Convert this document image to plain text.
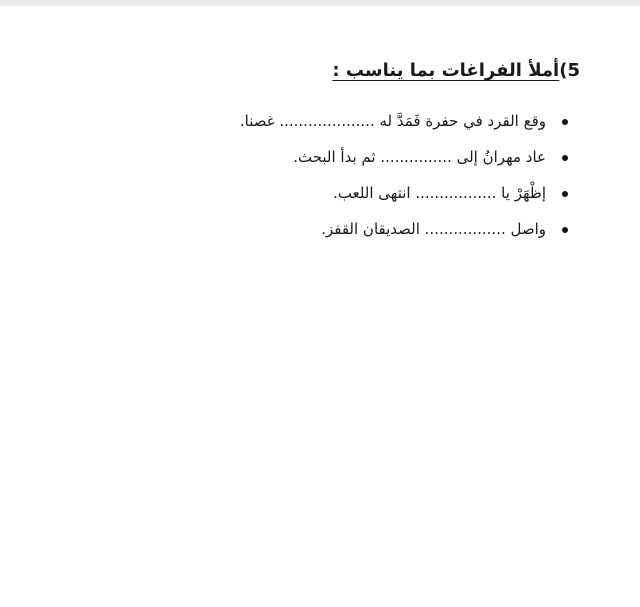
5)أملأ الفراغات بما يناسب :
وقع القرد في حفرة فَمَدَّ له .................... غصنا.
عاد مهرانُ إلى ............... ثم بدأ البحث.
إظْهَرْ يا ................. انتهى اللعب.
واصل ................. الصديقان القفز.
